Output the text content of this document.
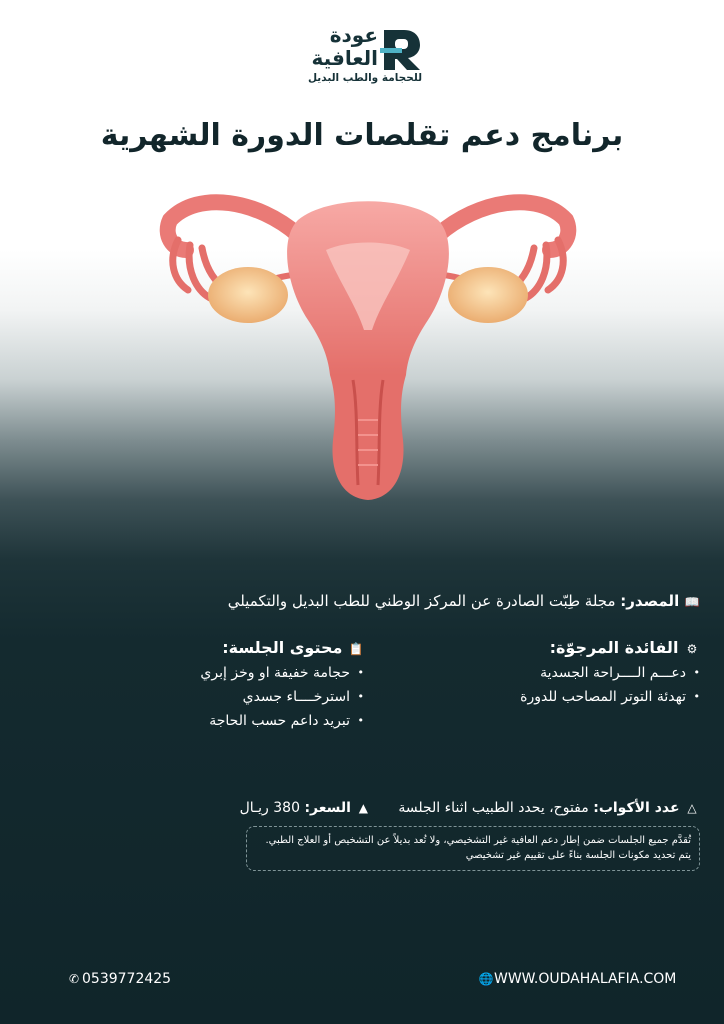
عودة
العافية
للحجامة والطب البديل
برنامج دعم تقلصات الدورة الشهرية
📖 المصدر: مجلة طِبّت الصادرة عن المركز الوطني للطب البديل والتكميلي
⚙ الفائدة المرجوّة:
• دعـــم الــــراحة الجسدية
• تهدئة التوتر المصاحب للدورة
📋 محتوى الجلسة:
• حجامة خفيفة او وخز إبري
• استرخــــاء جسدي
• تبريد داعم حسب الحاجة
△ عدد الأكواب: مفتوح، يحدد الطبيب اثناء الجلسة  ▲ السعر: 380 ريـال
تُقدَّم جميع الجلسات ضمن إطار دعم العافية غير التشخيصي، ولا تُعد بديلاً عن التشخيص أو العلاج الطبي.
يتم تحديد مكونات الجلسة بناءً على تقييم غير تشخيصي
🌐WWW.OUDAHALAFIA.COM
✆ 0539772425
